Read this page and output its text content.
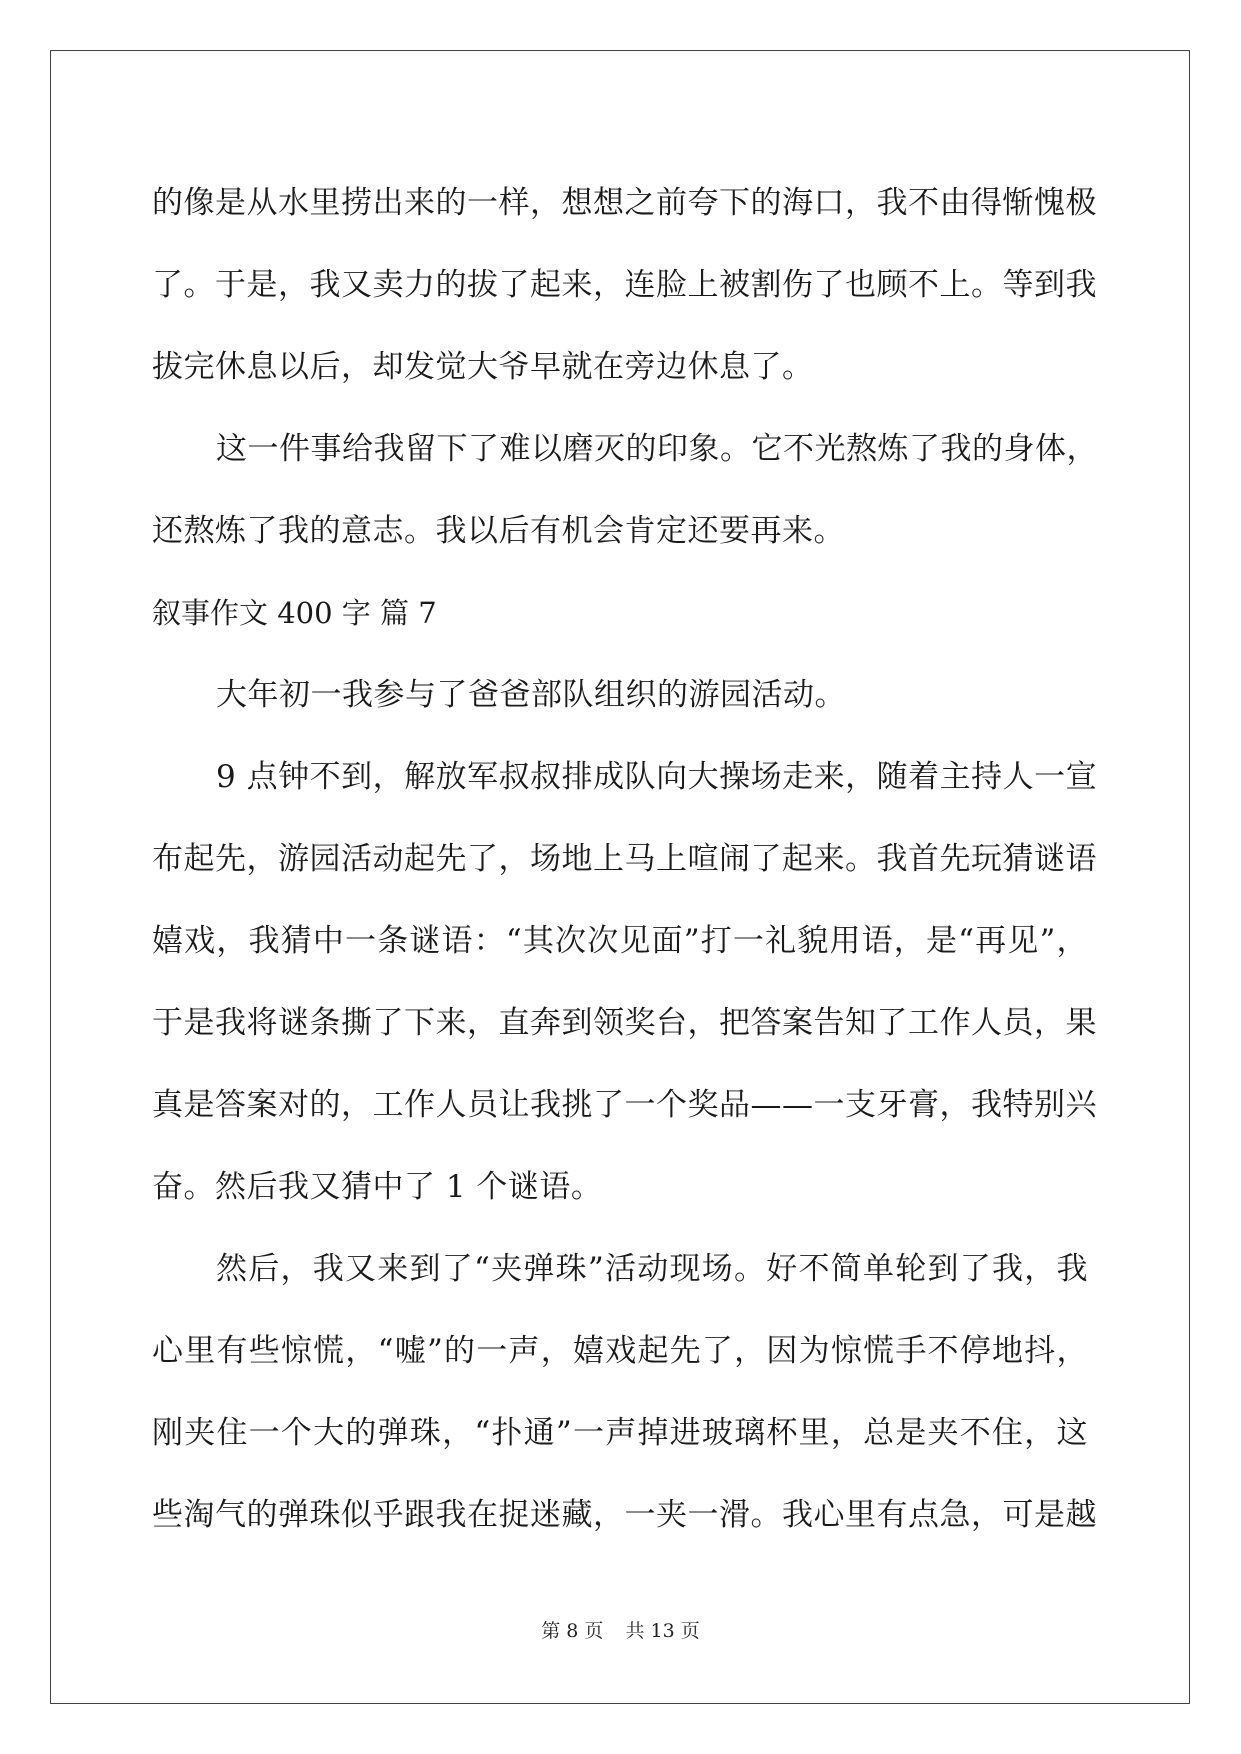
的像是从水里捞出来的一样，想想之前夸下的海口，我不由得惭愧极
了。于是，我又卖力的拔了起来，连脸上被割伤了也顾不上。等到我
拔完休息以后，却发觉大爷早就在旁边休息了。
这一件事给我留下了难以磨灭的印象。它不光熬炼了我的身体，
还熬炼了我的意志。我以后有机会肯定还要再来。
叙事作文 400 字 篇 7
大年初一我参与了爸爸部队组织的游园活动。
9 点钟不到，解放军叔叔排成队向大操场走来，随着主持人一宣
布起先，游园活动起先了，场地上马上喧闹了起来。我首先玩猜谜语
嬉戏，我猜中一条谜语：“其次次见面”打一礼貌用语，是“再见”，
于是我将谜条撕了下来，直奔到领奖台，把答案告知了工作人员，果
真是答案对的，工作人员让我挑了一个奖品——一支牙膏，我特别兴
奋。然后我又猜中了 1 个谜语。
然后，我又来到了“夹弹珠”活动现场。好不简单轮到了我，我
心里有些惊慌，“嘘”的一声，嬉戏起先了，因为惊慌手不停地抖，
刚夹住一个大的弹珠，“扑通”一声掉进玻璃杯里，总是夹不住，这
些淘气的弹珠似乎跟我在捉迷藏，一夹一滑。我心里有点急，可是越
第 8 页 共 13 页
